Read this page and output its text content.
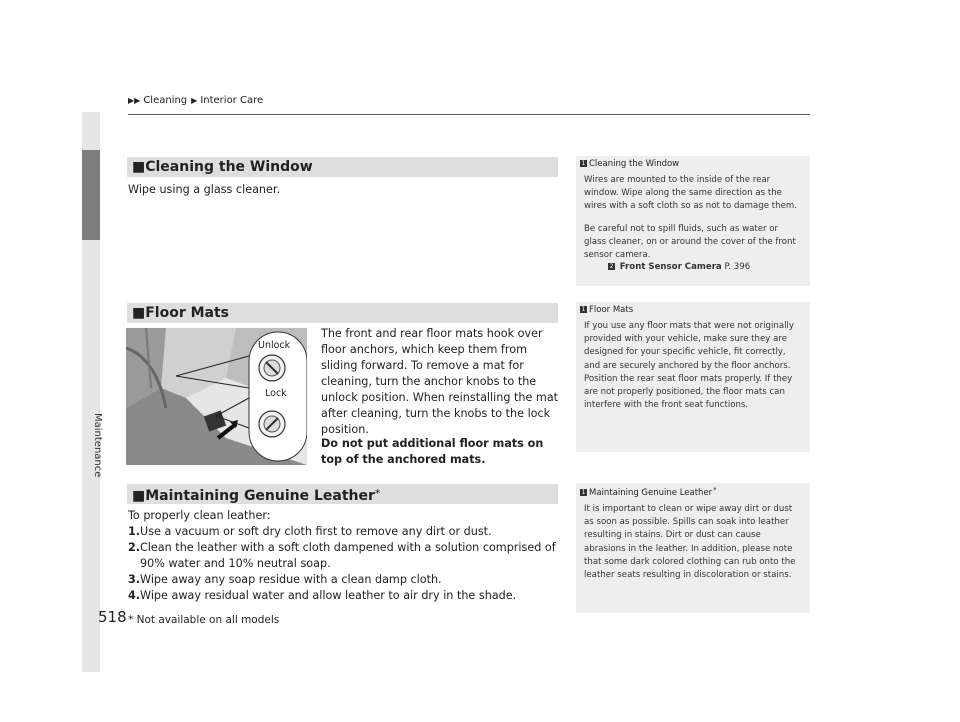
Maintenance
518
▶▶ Cleaning ▶ Interior Care
■Cleaning the Window
Wipe using a glass cleaner.
1 Cleaning the Window
Wires are mounted to the inside of the rear window. Wipe along the same direction as the wires with a soft cloth so as not to damage them.
Be careful not to spill fluids, such as water or glass cleaner, on or around the cover of the front sensor camera.
2 Front Sensor Camera P. 396
■Floor Mats
Unlock
Lock
The front and rear floor mats hook over floor anchors, which keep them from sliding forward. To remove a mat for cleaning, turn the anchor knobs to the unlock position. When reinstalling the mat after cleaning, turn the knobs to the lock position.
Do not put additional floor mats on top of the anchored mats.
1 Floor Mats
If you use any floor mats that were not originally provided with your vehicle, make sure they are designed for your specific vehicle, fit correctly, and are securely anchored by the floor anchors.
Position the rear seat floor mats properly. If they are not properly positioned, the floor mats can interfere with the front seat functions.
■Maintaining Genuine Leather*
To properly clean leather:
1. Use a vacuum or soft dry cloth first to remove any dirt or dust.
2. Clean the leather with a soft cloth dampened with a solution comprised of 90% water and 10% neutral soap.
3. Wipe away any soap residue with a clean damp cloth.
4. Wipe away residual water and allow leather to air dry in the shade.
1 Maintaining Genuine Leather*
It is important to clean or wipe away dirt or dust as soon as possible. Spills can soak into leather resulting in stains. Dirt or dust can cause abrasions in the leather. In addition, please note that some dark colored clothing can rub onto the leather seats resulting in discoloration or stains.
* Not available on all models
